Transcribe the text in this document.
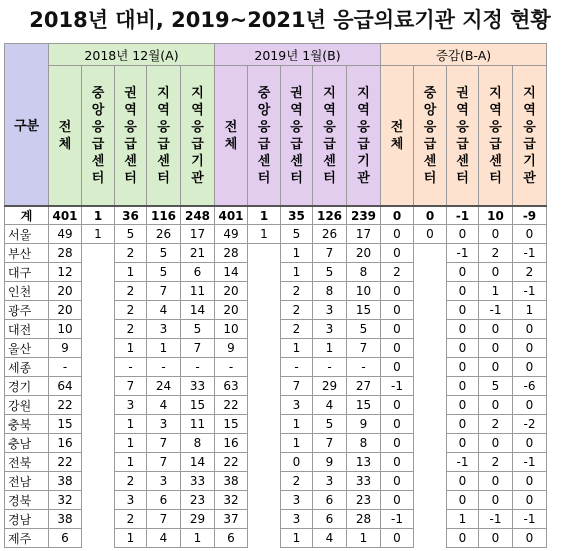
2018년 대비, 2019~2021년 응급의료기관 지정 현황
구분	2018년 12월(A)					2019년 1월(B)					증감(B-A)				

	전체	중앙응급센터	권역응급센터	지역응급센터	지역응급기관	전체	중앙응급센터	권역응급센터	지역응급센터	지역응급기관	전체	중앙응급센터	권역응급센터	지역응급센터	지역응급기관

계	401	1	36	116	248	401	1	35	126	239	0	0	-1	10	-9
서울	49	1	5	26	17	49	1	5	26	17	0	0	0	0	0
부산	28		2	5	21	28		1	7	20	0		-1	2	-1
대구	12		1	5	6	14		1	5	8	2		0	0	2
인천	20		2	7	11	20		2	8	10	0		0	1	-1
광주	20		2	4	14	20		2	3	15	0		0	-1	1
대전	10		2	3	5	10		2	3	5	0		0	0	0
울산	9		1	1	7	9		1	1	7	0		0	0	0
세종	-		-	-	-	-		-	-	-	0		0	0	0
경기	64		7	24	33	63		7	29	27	-1		0	5	-6
강원	22		3	4	15	22		3	4	15	0		0	0	0
충북	15		1	3	11	15		1	5	9	0		0	2	-2
충남	16		1	7	8	16		1	7	8	0		0	0	0
전북	22		1	7	14	22		0	9	13	0		-1	2	-1
전남	38		2	3	33	38		2	3	33	0		0	0	0
경북	32		3	6	23	32		3	6	23	0		0	0	0
경남	38		2	7	29	37		3	6	28	-1		1	-1	-1
제주	6		1	4	1	6		1	4	1	0		0	0	0
